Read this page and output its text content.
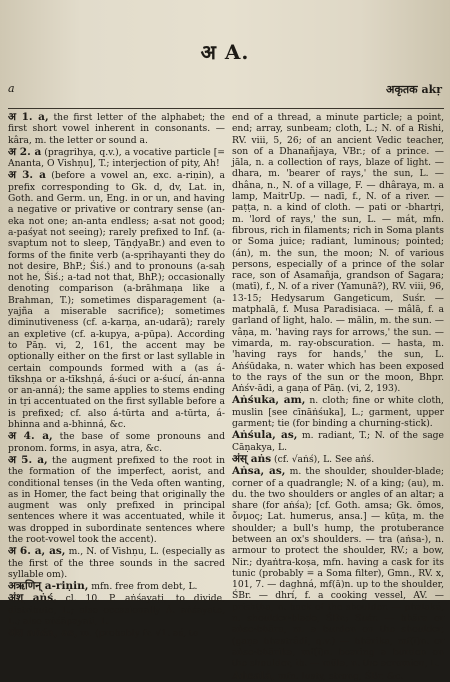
अ A.
a	अकृतक akṛ

अ 1. a, the first letter of the alphabet; the first short vowel inherent in consonants. — kâra, m. the letter or sound a.

अ 2. a (pragrihya, q.v.), a vocative particle [= Ananta, O Vishṇu], T.; interjection of pity, Ah!

अ 3. a (before a vowel an, exc. a-riṇin), a prefix corresponding to Gk. d, dv, Lat. in, Goth. and Germ. un, Eng. in or un, and having a negative or privative or contrary sense (an-eka not one; an-anta endless; a-sat not good; a-paśyat not seeing); rarely prefixed to Inf. (a-svaptum not to sleep, TāṇḍyaBr.) and even to forms of the finite verb (a-spṛihayanti they do not desire, BhP.; Śiś.) and to pronouns (a-saḥ not he, Śiś.; a-tad not that, BhP.); occasionally denoting comparison (a-brāhmaṇa like a Brahman, T.); sometimes disparagement (a-yajña a miserable sacrifice); sometimes diminutiveness (cf. a-karṇa, an-udarā); rarely an expletive (cf. a-kupya, a-pūpa). According to Pāṇ. vi, 2, 161, the accent may be optionally either on the first or last syllable in certain compounds formed with a (as á-tīkshṇa or a-tīkshṇá, á-śuci or a-śucí, án-anna or an-anná); the same applies to stems ending in tṛi accentuated on the first syllable before a is prefixed; cf. also á-tūrta and a-tūrta, á-bhinna and a-bhinná, &c.

अ 4. a, the base of some pronouns and pronom. forms, in asya, atra, &c.

अ 5. a, the augment prefixed to the root in the formation of the imperfect, aorist, and conditional tenses (in the Veda often wanting, as in Homer, the fact being that originally the augment was only prefixed in principal sentences where it was accentuated, while it was dropped in subordinate sentences where the root-vowel took the accent).

अ 6. a, as, m., N. of Vishṇu, L. (especially as the first of the three sounds in the sacred syllable om).

अऋणिन् a-riṇin, mfn. free from debt, L.

अंश् aṅś, cl. 10. P. aṅśayati, to divide, distribute, L.; also occasionally Ā. aṅśayate, L.; also aṅśāpayati, L.

अंश aṅśa, as, m. (probably fr. √1. aś, to

end of a thread, a minute particle; a point, end; array, sunbeam; cloth, L.; N. of a Rishi, RV. viii, 5, 26; of an ancient Vedic teacher, son of a Dhanañjaya, VBr.; of a prince. — jāla, n. a collection of rays, blaze of light. — dhara, m. 'bearer of rays,' the sun, L. — dhâna, n., N. of a village, F. — dhâraya, m. a lamp, MaitrUp. — nadī, f., N. of a river. — paṭṭa, n. a kind of cloth. — pati or -bhartṛi, m. 'lord of rays,' the sun, L. — mát, mfn. fibrous, rich in filaments; rich in Soma plants or Soma juice; radiant, luminous; pointed; (án), m. the sun, the moon; N. of various persons, especially of a prince of the solar race, son of Asamañja, grandson of Sagara; (matī), f., N. of a river (Yamunā?), RV. viii, 96, 13-15; Hedysarum Gangeticum, Suśr. — matphalā, f. Musa Paradisiaca. — mâlā, f. a garland of light, halo. — mālin, m. the sun. — vâṇa, m. 'having rays for arrows,' the sun. — vimarda, m. ray-obscuration. — hasta, m. 'having rays for hands,' the sun, L. Aṅśūdaka, n. water which has been exposed to the rays of the sun or the moon, Bhpr. Aṅśv-ādi, a gaṇa of Pāṇ. (vi, 2, 193).

Aṅśuka, am, n. cloth; fine or white cloth, muslin [see cīnāṅśuka], L.; garment, upper garment; tie (for binding a churning-stick).

Aṅśula, as, m. radiant, T.; N. of the sage Cāṇakya, L.

अंस् aṅs (cf. √aṅś), L. See aṅś.

Aṅsa, as, m. the shoulder, shoulder-blade; corner of a quadrangle; N. of a king; (au), m. du. the two shoulders or angles of an altar; a share (for aṅśa); [cf. Goth. amsa; Gk. ōmos, ὄνμος; Lat. humerus, ansa.] — kūṭa, m. the shoulder; a bull's hump, the protuberance between an ox's shoulders. — tra (aṅsa-), n. armour to protect the shoulder, RV.; a bow, Nir.; dyaṅtra-koṣa, mfn. having a cask for its tunic (probably = a Soma filter), Gmn., RV. x, 101, 7. — daghná, mf(ā)n. up to the shoulder, ŚBr. — dhrí, f. a cooking vessel, AV. — prishṭha, n. back of the shoulder. — phalaká, n. shoulder-blade, ŚBr.; Suśr. — bhāra or aṅse-bhāra, m. a burden on the shoulder, (gaṇa bhastrâdi, q.v.) — bhārika, mf(ī)n. or aṅse-bhārika, mf(ī)n. bearing a burden on the shoulder, ib. — mūla, n. the acromion, L.

Aṅsalá, mfn. lusty, strong, ŚBr. &c.
